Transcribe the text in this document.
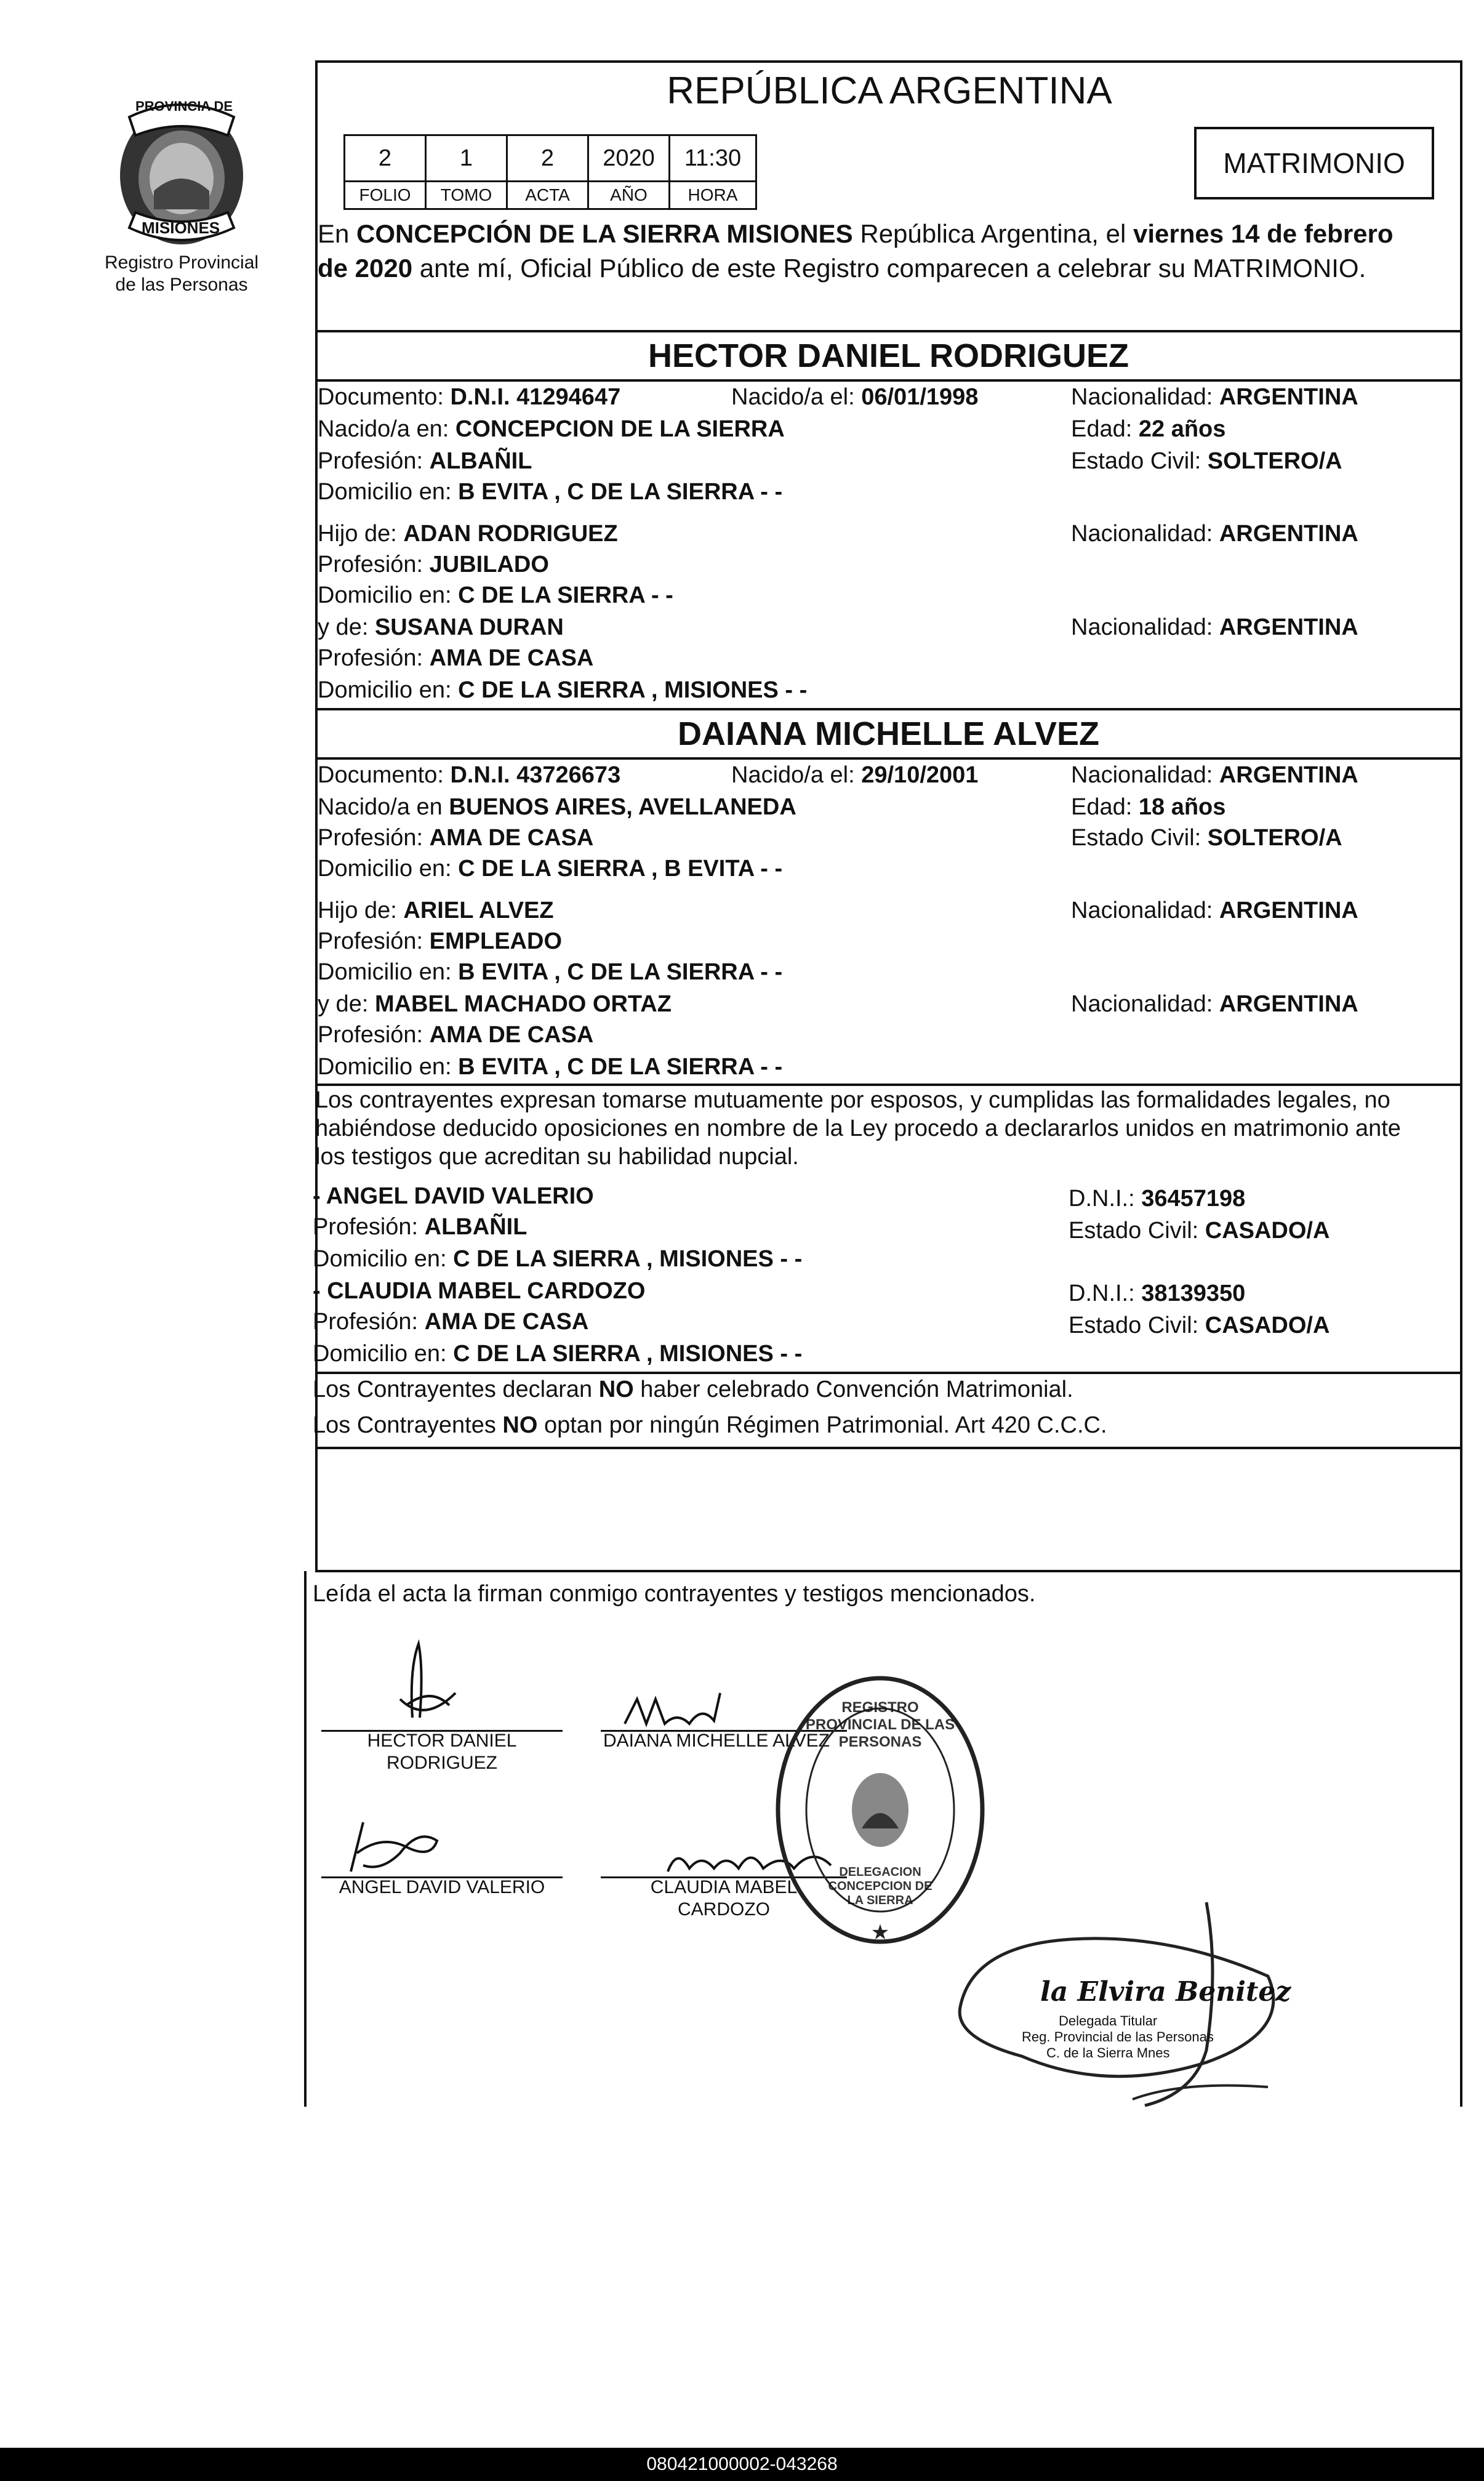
PROVINCIA DE
MISIONES
Registro Provincial
de las Personas
REPÚBLICA ARGENTINA
2	1	2	2020	11:30
FOLIO	TOMO	ACTA	AÑO	HORA
MATRIMONIO
En CONCEPCIÓN DE LA SIERRA MISIONES República Argentina, el viernes 14 de febrero
de 2020 ante mí, Oficial Público de este Registro comparecen a celebrar su MATRIMONIO.
HECTOR DANIEL RODRIGUEZ
Documento: D.N.I. 41294647	Nacido/a el: 06/01/1998	Nacionalidad: ARGENTINA
Nacido/a en: CONCEPCION DE LA SIERRA	Edad: 22 años
Profesión: ALBAÑIL	Estado Civil: SOLTERO/A
Domicilio en: B EVITA , C DE LA SIERRA - -
Hijo de: ADAN RODRIGUEZ	Nacionalidad: ARGENTINA
Profesión: JUBILADO
Domicilio en: C DE LA SIERRA - -
y de: SUSANA DURAN	Nacionalidad: ARGENTINA
Profesión: AMA DE CASA
Domicilio en: C DE LA SIERRA , MISIONES - -
DAIANA MICHELLE ALVEZ
Documento: D.N.I. 43726673	Nacido/a el: 29/10/2001	Nacionalidad: ARGENTINA
Nacido/a en BUENOS AIRES, AVELLANEDA	Edad: 18 años
Profesión: AMA DE CASA	Estado Civil: SOLTERO/A
Domicilio en: C DE LA SIERRA , B EVITA - -
Hijo de: ARIEL ALVEZ	Nacionalidad: ARGENTINA
Profesión: EMPLEADO
Domicilio en: B EVITA , C DE LA SIERRA - -
y de: MABEL MACHADO ORTAZ	Nacionalidad: ARGENTINA
Profesión: AMA DE CASA
Domicilio en: B EVITA , C DE LA SIERRA - -
Los contrayentes expresan tomarse mutuamente por esposos, y cumplidas las formalidades legales, no
habiéndose deducido oposiciones en nombre de la Ley procedo a declararlos unidos en matrimonio ante
los testigos que acreditan su habilidad nupcial.
- ANGEL DAVID VALERIO	D.N.I.: 36457198
Profesión: ALBAÑIL	Estado Civil: CASADO/A
Domicilio en: C DE LA SIERRA , MISIONES - -
- CLAUDIA MABEL CARDOZO	D.N.I.: 38139350
Profesión: AMA DE CASA	Estado Civil: CASADO/A
Domicilio en: C DE LA SIERRA , MISIONES - -
Los Contrayentes declaran NO haber celebrado Convención Matrimonial.
Los Contrayentes NO optan por ningún Régimen Patrimonial. Art 420 C.C.C.
Leída el acta la firman conmigo contrayentes y testigos mencionados.
HECTOR DANIEL
RODRIGUEZ
DAIANA MICHELLE ALVEZ
ANGEL DAVID VALERIO	CLAUDIA MABEL
CARDOZO
★
REGISTRO PROVINCIAL DE LAS PERSONAS
DELEGACION CONCEPCION DE LA SIERRA
la Elvira Benitez
Delegada Titular
Reg. Provincial de las Personas
C. de la Sierra Mnes
080421000002-043268
